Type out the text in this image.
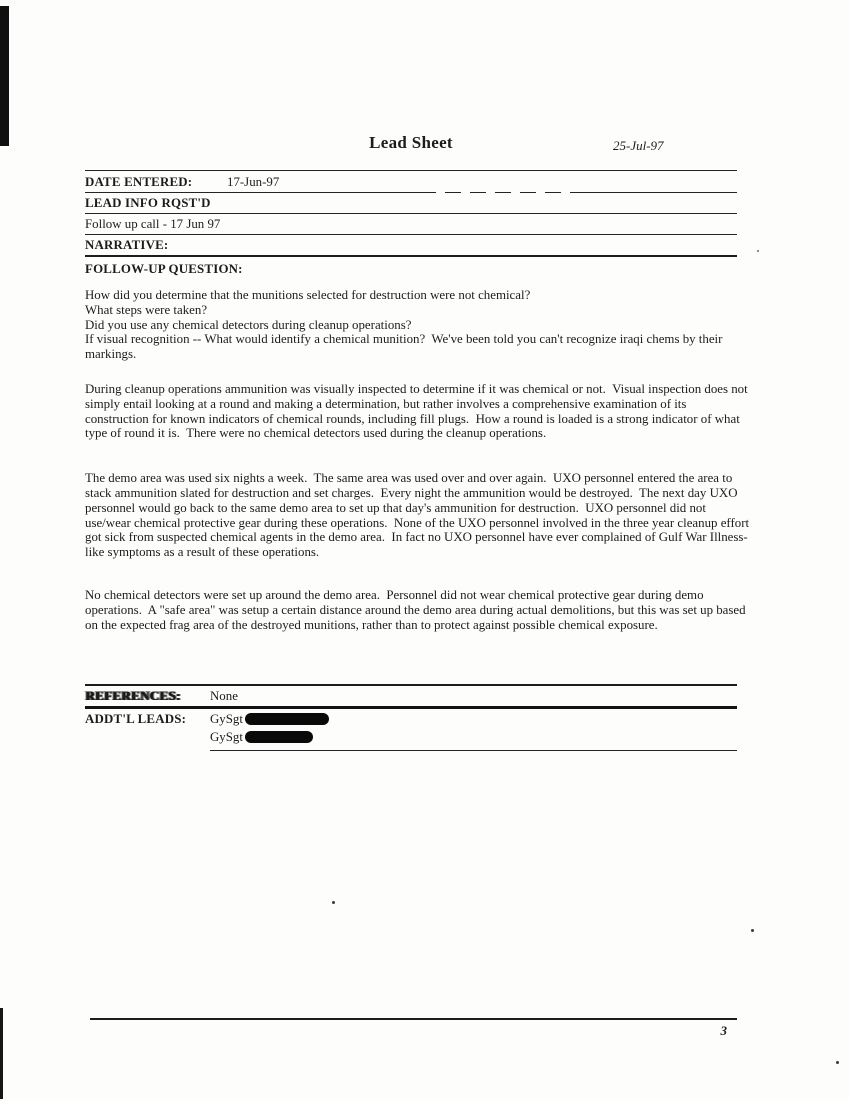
Lead Sheet	25-Jul-97
DATE ENTERED:	17-Jun-97
LEAD INFO RQST'D
Follow up call - 17 Jun 97
NARRATIVE:
FOLLOW-UP QUESTION:
How did you determine that the munitions selected for destruction were not chemical?
What steps were taken?
Did you use any chemical detectors during cleanup operations?
If visual recognition -- What would identify a chemical munition?  We've been told you can't recognize iraqi chems by their markings.
During cleanup operations ammunition was visually inspected to determine if it was chemical or not.  Visual inspection does not simply entail looking at a round and making a determination, but rather involves a comprehensive examination of its construction for known indicators of chemical rounds, including fill plugs.  How a round is loaded is a strong indicator of what type of round it is.  There were no chemical detectors used during the cleanup operations.
The demo area was used six nights a week.  The same area was used over and over again.  UXO personnel entered the area to stack ammunition slated for destruction and set charges.  Every night the ammunition would be destroyed.  The next day UXO personnel would go back to the same demo area to set up that day's ammunition for destruction.  UXO personnel did not use/wear chemical protective gear during these operations.  None of the UXO personnel involved in the three year cleanup effort got sick from suspected chemical agents in the demo area.  In fact no UXO personnel have ever complained of Gulf War Illness-like symptoms as a result of these operations.
No chemical detectors were set up around the demo area.  Personnel did not wear chemical protective gear during demo operations.  A "safe area" was setup a certain distance around the demo area during actual demolitions, but this was set up based on the expected frag area of the destroyed munitions, rather than to protect against possible chemical exposure.
REFERENCES: None
ADDT'L LEADS:	GySgt
GySgt
3
